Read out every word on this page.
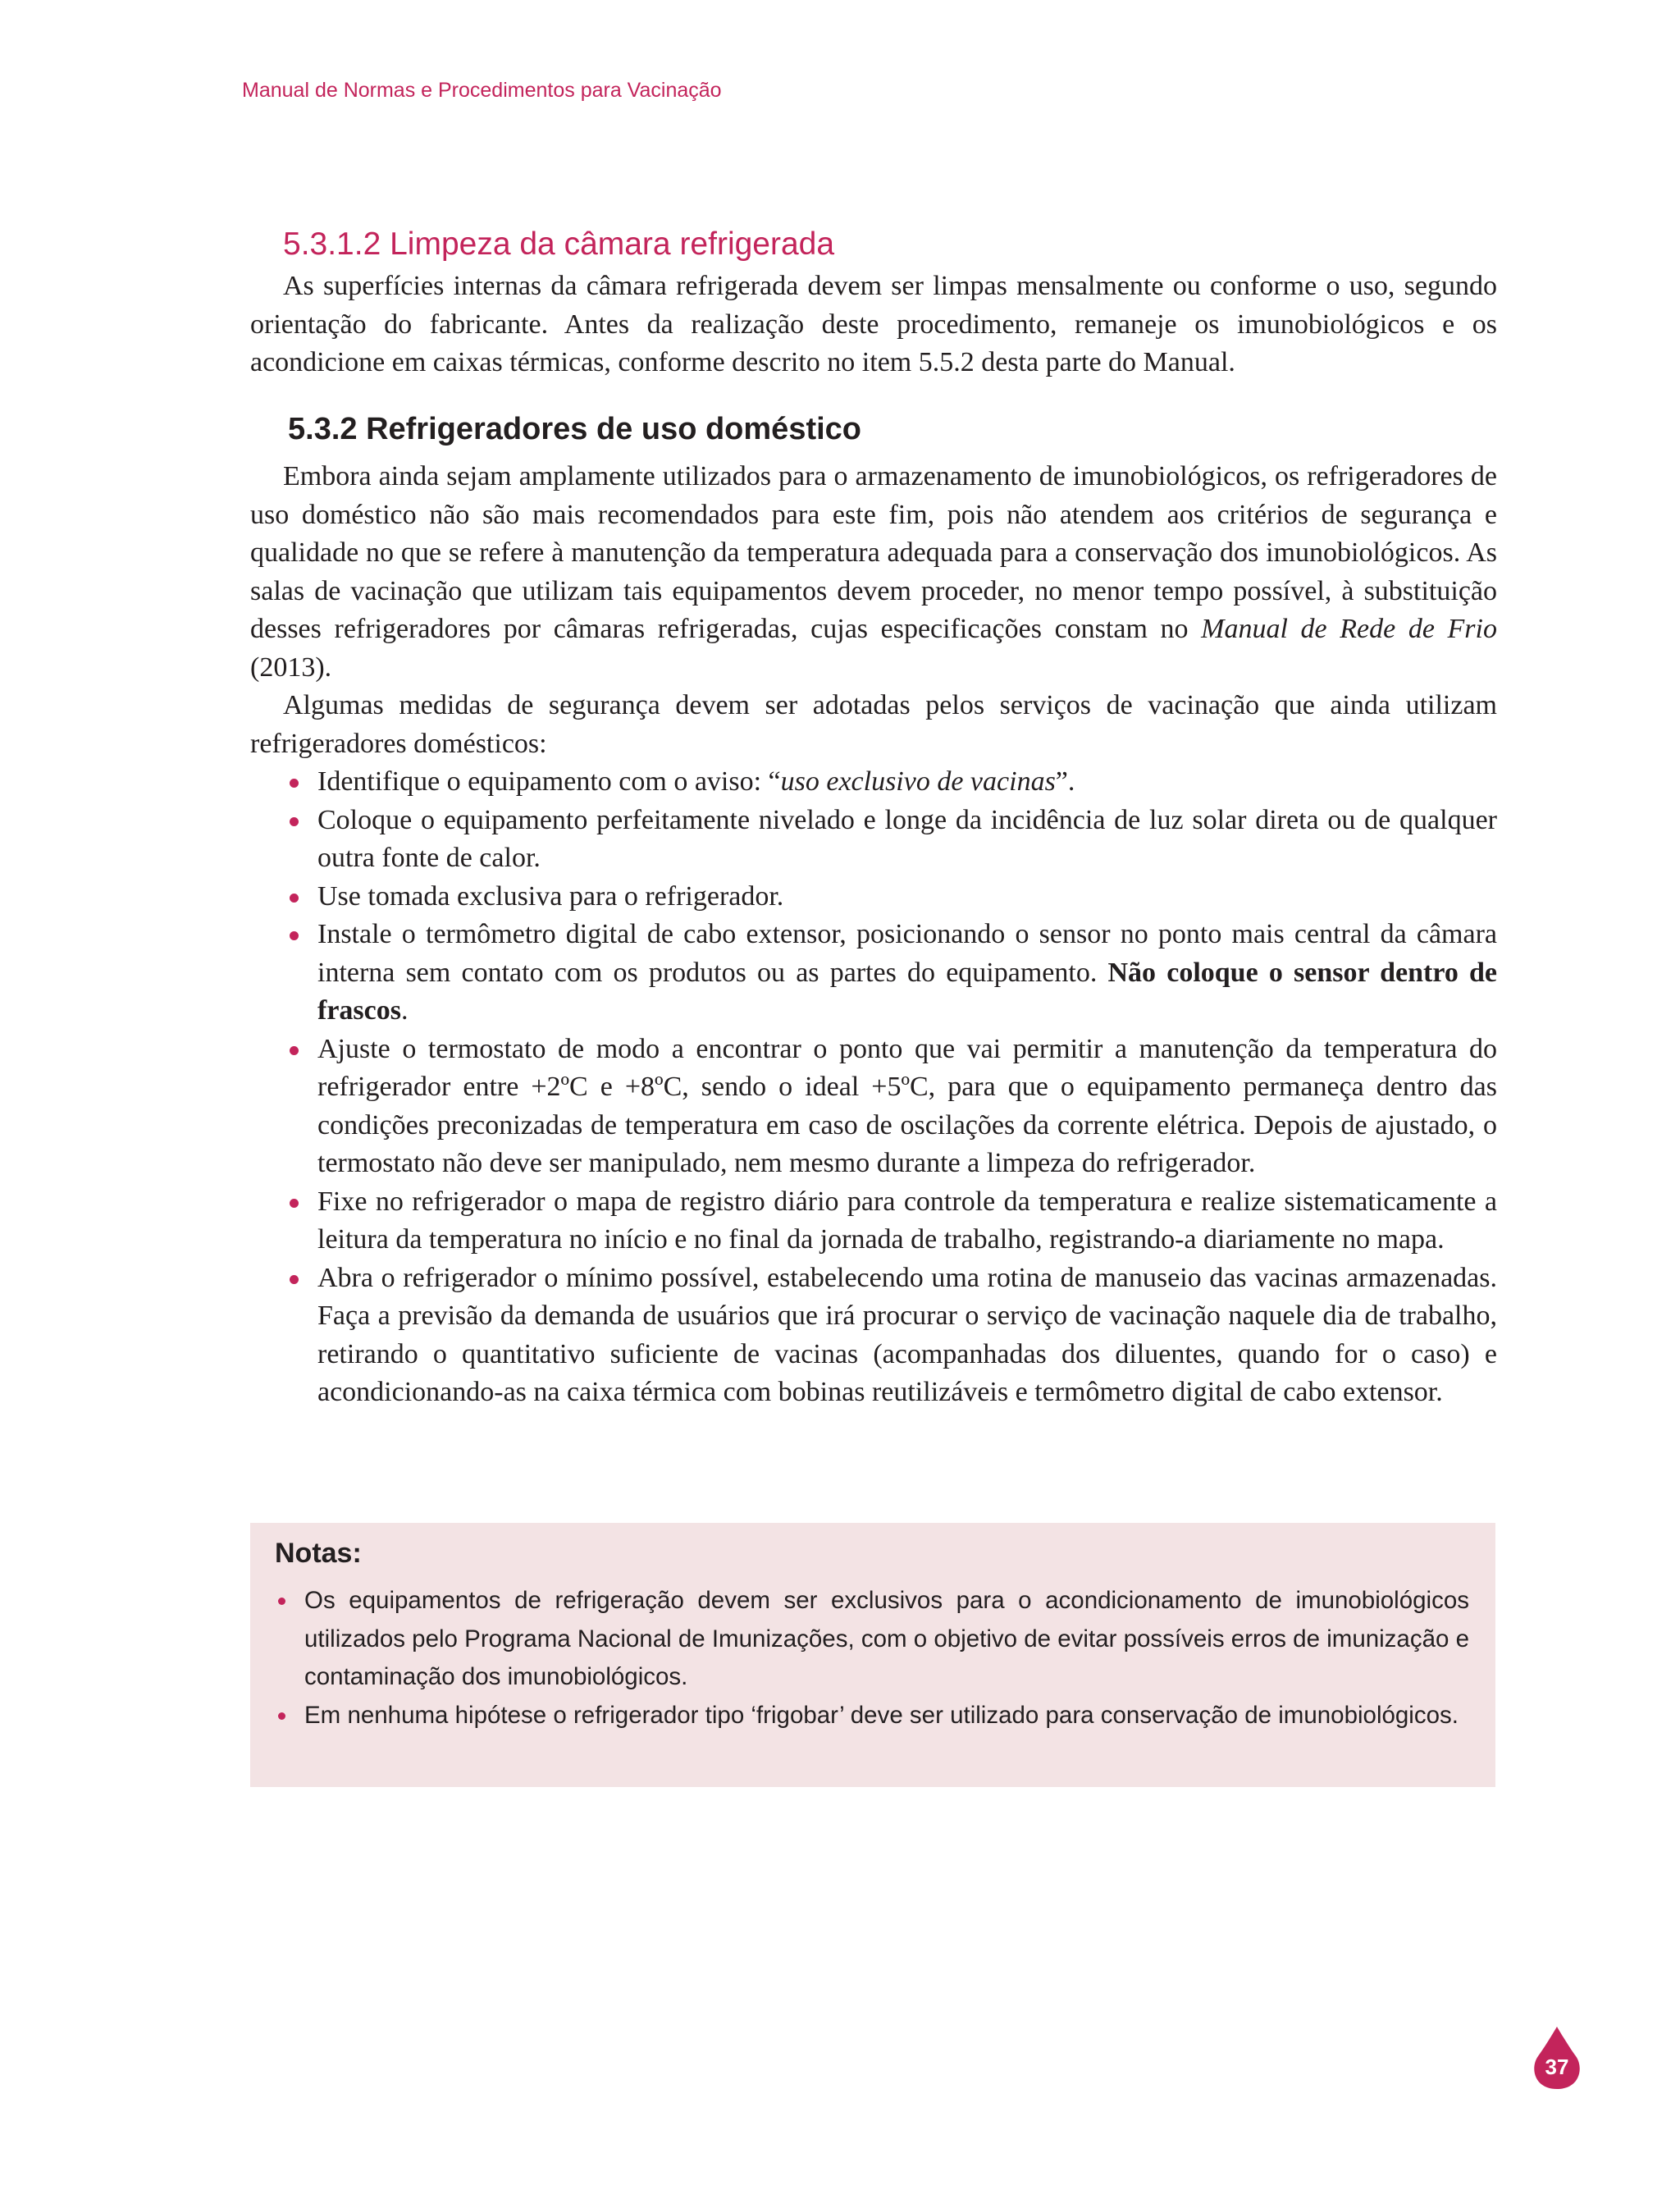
Manual de Normas e Procedimentos para Vacinação
5.3.1.2 Limpeza da câmara refrigerada

As superfícies internas da câmara refrigerada devem ser limpas mensalmente ou conforme o uso, segundo orientação do fabricante. Antes da realização deste procedimento, remaneje os imunobiológicos e os acondicione em caixas térmicas, conforme descrito no item 5.5.2 desta parte do Manual.

5.3.2 Refrigeradores de uso doméstico

Embora ainda sejam amplamente utilizados para o armazenamento de imunobiológicos, os refrigeradores de uso doméstico não são mais recomendados para este fim, pois não atendem aos critérios de segurança e qualidade no que se refere à manutenção da temperatura adequada para a conservação dos imunobiológicos. As salas de vacinação que utilizam tais equipamentos devem proceder, no menor tempo possível, à substituição desses refrigeradores por câmaras refrigeradas, cujas especificações constam no Manual de Rede de Frio (2013).

Algumas medidas de segurança devem ser adotadas pelos serviços de vacinação que ainda utilizam refrigeradores domésticos:

Identifique o equipamento com o aviso: “uso exclusivo de vacinas”.
Coloque o equipamento perfeitamente nivelado e longe da incidência de luz solar direta ou de qualquer outra fonte de calor.
Use tomada exclusiva para o refrigerador.
Instale o termômetro digital de cabo extensor, posicionando o sensor no ponto mais central da câmara interna sem contato com os produtos ou as partes do equipamento. Não coloque o sensor dentro de frascos.
Ajuste o termostato de modo a encontrar o ponto que vai permitir a manutenção da temperatura do refrigerador entre +2ºC e +8ºC, sendo o ideal +5ºC, para que o equipamento permaneça dentro das condições preconizadas de temperatura em caso de oscilações da corrente elétrica. Depois de ajustado, o termostato não deve ser manipulado, nem mesmo durante a limpeza do refrigerador.
Fixe no refrigerador o mapa de registro diário para controle da temperatura e realize sistematicamente a leitura da temperatura no início e no final da jornada de trabalho, registrando-a diariamente no mapa.
Abra o refrigerador o mínimo possível, estabelecendo uma rotina de manuseio das vacinas armazenadas. Faça a previsão da demanda de usuários que irá procurar o serviço de vacinação naquele dia de trabalho, retirando o quantitativo suficiente de vacinas (acompanhadas dos diluentes, quando for o caso) e acondicionando-as na caixa térmica com bobinas reutilizáveis e termômetro digital de cabo extensor.
Notas:
Os equipamentos de refrigeração devem ser exclusivos para o acondicionamento de imunobiológicos utilizados pelo Programa Nacional de Imunizações, com o objetivo de evitar possíveis erros de imunização e contaminação dos imunobiológicos.
Em nenhuma hipótese o refrigerador tipo ‘frigobar’ deve ser utilizado para conservação de imunobiológicos.
37
